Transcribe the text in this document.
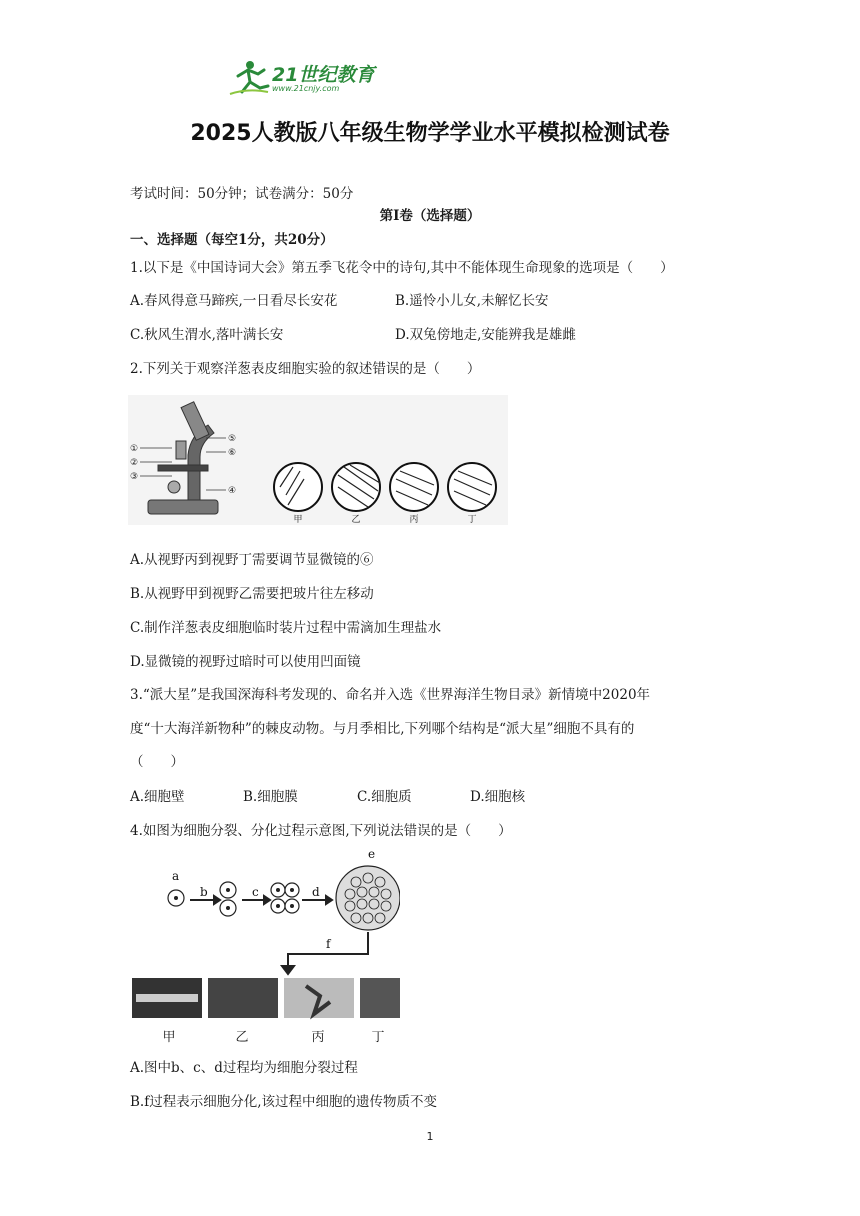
21世纪教育
www.21cnjy.com
2025人教版八年级生物学学业水平模拟检测试卷
考试时间：50分钟；试卷满分：50分
第Ⅰ卷（选择题）
一、选择题（每空1分，共20分）
1.以下是《中国诗词大会》第五季飞花令中的诗句,其中不能体现生命现象的选项是（　　）
A.春风得意马蹄疾,一日看尽长安花	B.遥怜小儿女,未解忆长安
C.秋风生渭水,落叶满长安	D.双兔傍地走,安能辨我是雄雌
2.下列关于观察洋葱表皮细胞实验的叙述错误的是（　　）
①
②
③
⑤
⑥
④
甲	乙	丙	丁
A.从视野丙到视野丁需要调节显微镜的⑥
B.从视野甲到视野乙需要把玻片往左移动
C.制作洋葱表皮细胞临时装片过程中需滴加生理盐水
D.显微镜的视野过暗时可以使用凹面镜
3.“派大星”是我国深海科考发现的、命名并入选《世界海洋生物目录》新情境中2020年
度“十大海洋新物种”的棘皮动物。与月季相比,下列哪个结构是“派大星”细胞不具有的
（　　）
A.细胞壁	B.细胞膜	C.细胞质	D.细胞核
4.如图为细胞分裂、分化过程示意图,下列说法错误的是（　　）
a
b	c	d
e
f
甲	乙	丙	丁
A.图中b、c、d过程均为细胞分裂过程
B.f过程表示细胞分化,该过程中细胞的遗传物质不变
1
